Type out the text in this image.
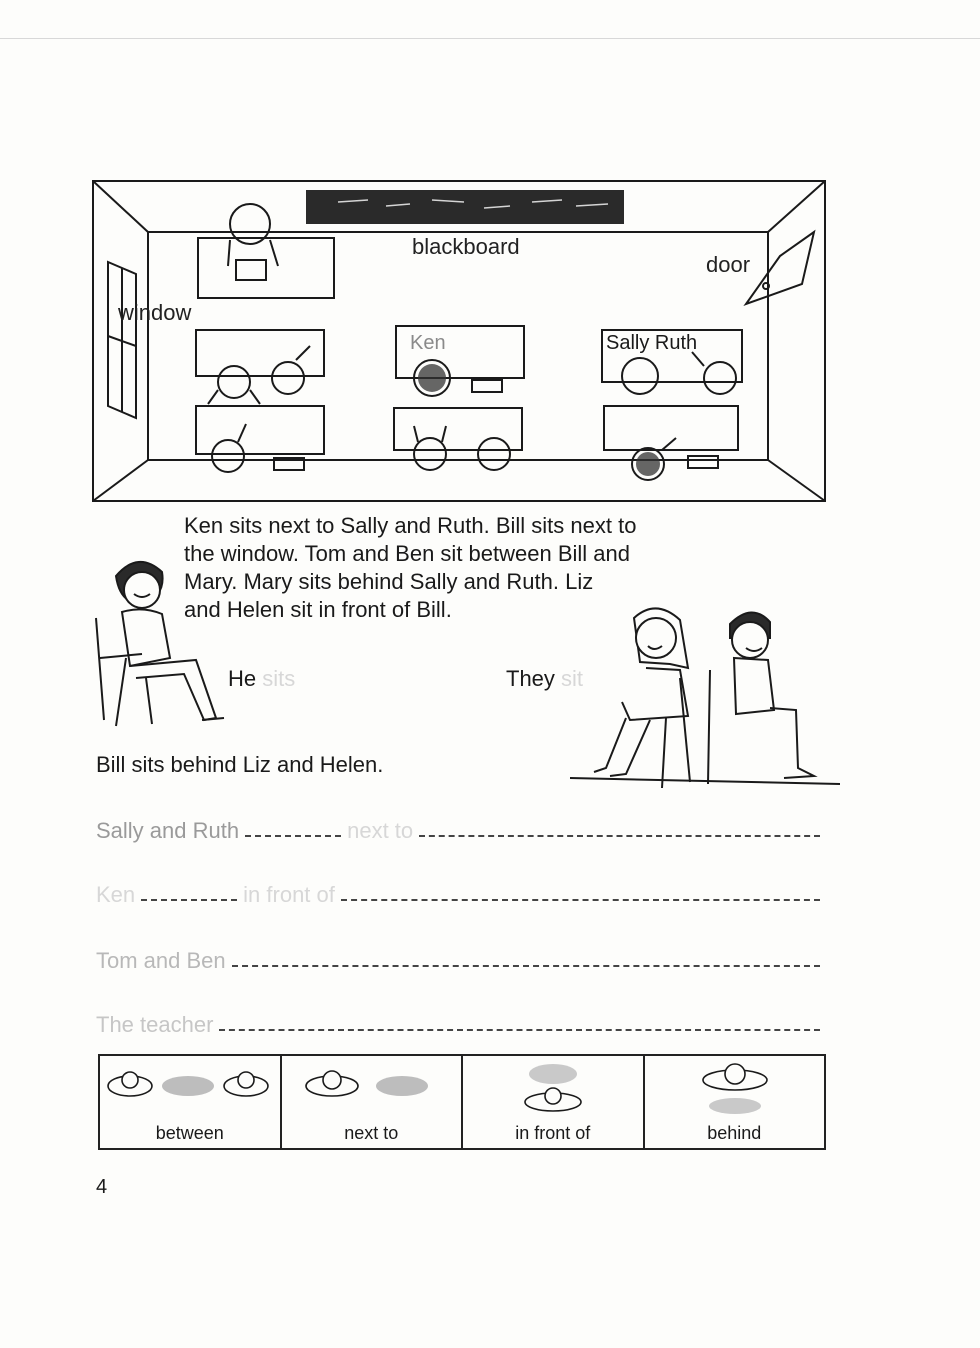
blackboard
door
window
Ken	Sally Ruth

Ken sits next to Sally and Ruth. Bill sits next to

the window. Tom and Ben sit between Bill and

Mary. Mary sits behind Sally and Ruth. Liz

and Helen sit in front of Bill.

He sits	They sit
Bill sits behind Liz and Helen.
Sally and Ruth	next to
Ken	in front of
Tom and Ben
The teacher
between	next to	in front of	behind
4
